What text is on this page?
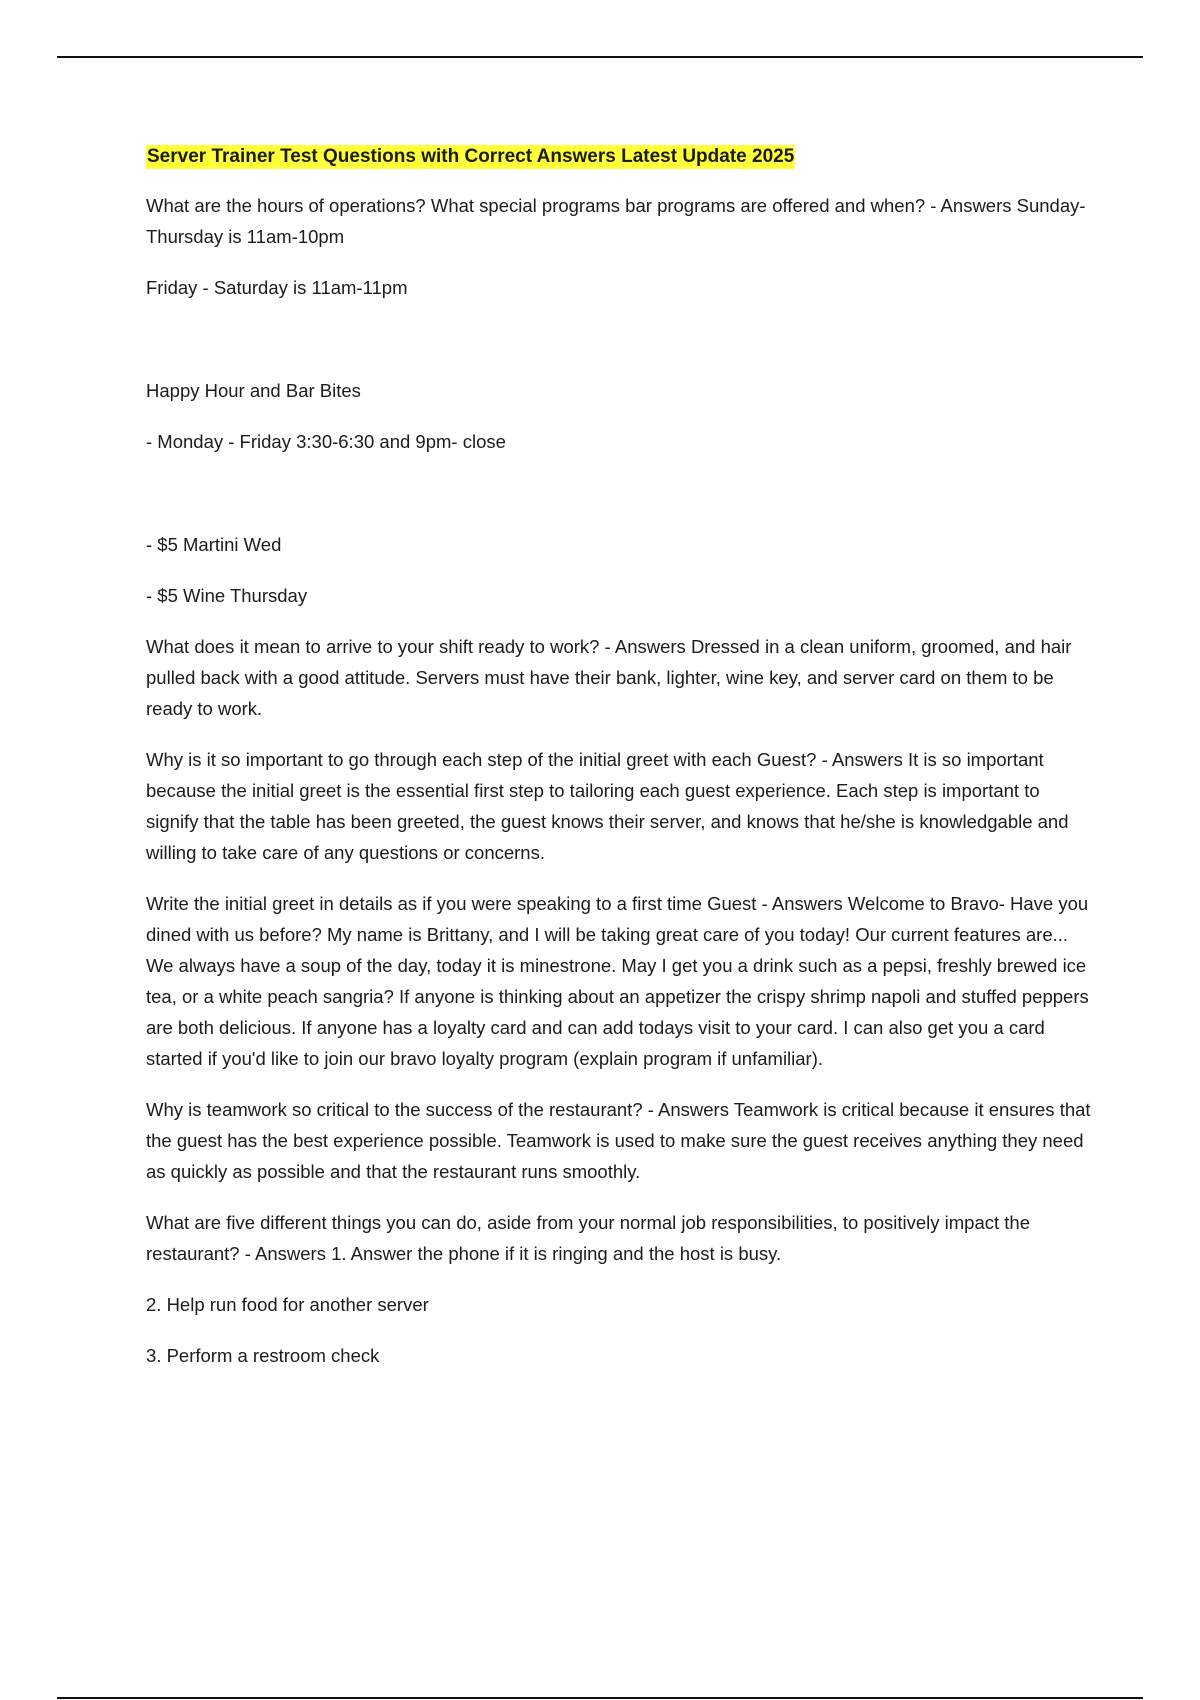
Server Trainer Test Questions with Correct Answers Latest Update 2025

What are the hours of operations? What special programs bar programs are offered and when? - Answers Sunday- Thursday is 11am-10pm

Friday - Saturday is 11am-11pm

Happy Hour and Bar Bites

- Monday - Friday 3:30-6:30 and 9pm- close

- $5 Martini Wed

- $5 Wine Thursday

What does it mean to arrive to your shift ready to work? - Answers Dressed in a clean uniform, groomed, and hair pulled back with a good attitude. Servers must have their bank, lighter, wine key, and server card on them to be ready to work.

Why is it so important to go through each step of the initial greet with each Guest? - Answers It is so important because the initial greet is the essential first step to tailoring each guest experience. Each step is important to signify that the table has been greeted, the guest knows their server, and knows that he/she is knowledgable and willing to take care of any questions or concerns.

Write the initial greet in details as if you were speaking to a first time Guest - Answers Welcome to Bravo- Have you dined with us before? My name is Brittany, and I will be taking great care of you today! Our current features are... We always have a soup of the day, today it is minestrone. May I get you a drink such as a pepsi, freshly brewed ice tea, or a white peach sangria? If anyone is thinking about an appetizer the crispy shrimp napoli and stuffed peppers are both delicious. If anyone has a loyalty card and can add todays visit to your card. I can also get you a card started if you'd like to join our bravo loyalty program (explain program if unfamiliar).

Why is teamwork so critical to the success of the restaurant? - Answers Teamwork is critical because it ensures that the guest has the best experience possible. Teamwork is used to make sure the guest receives anything they need as quickly as possible and that the restaurant runs smoothly.

What are five different things you can do, aside from your normal job responsibilities, to positively impact the restaurant? - Answers 1. Answer the phone if it is ringing and the host is busy.

2. Help run food for another server

3. Perform a restroom check
